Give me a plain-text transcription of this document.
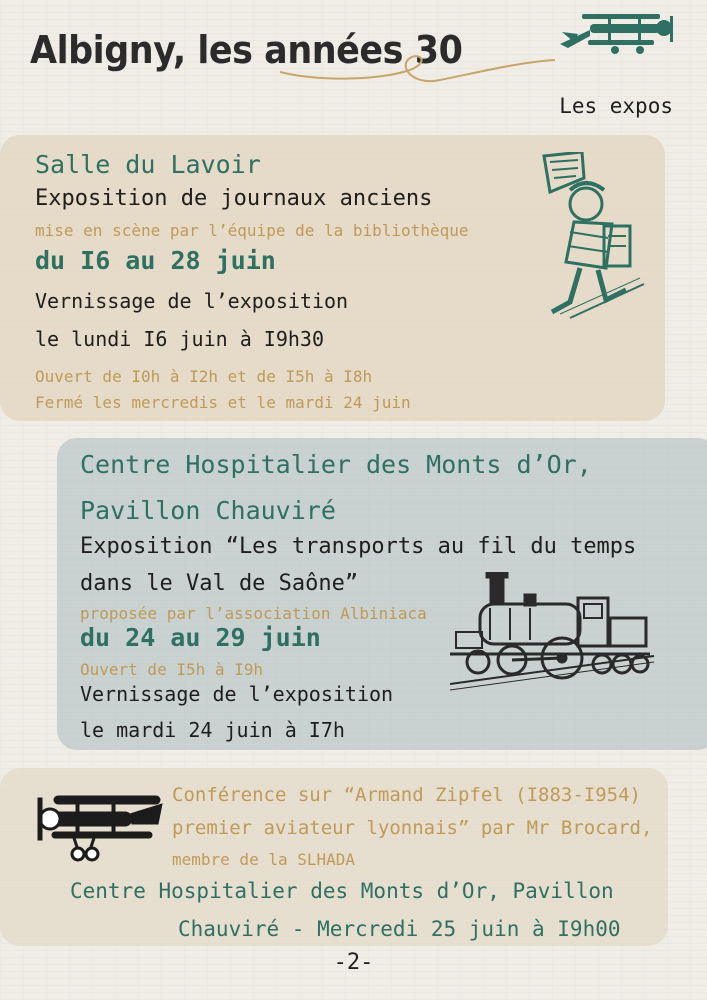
Albigny, les années 30
Les expos
Salle du Lavoir
Exposition de journaux anciens
mise en scène par l’équipe de la bibliothèque
du I6 au 28 juin
Vernissage de l’exposition
le lundi I6 juin à I9h30
Ouvert de I0h à I2h et de I5h à I8h
Fermé les mercredis et le mardi 24 juin
Centre Hospitalier des Monts d’Or,
Pavillon Chauviré
Exposition “Les transports au fil du temps
dans le Val de Saône”
proposée par l’association Albiniaca
du 24 au 29 juin
Ouvert de I5h à I9h
Vernissage de l’exposition
le mardi 24 juin à I7h
Conférence sur “Armand Zipfel (I883-I954)
premier aviateur lyonnais” par Mr Brocard,
membre de la SLHADA
Centre Hospitalier des Monts d’Or, Pavillon
Chauviré - Mercredi 25 juin à I9h00
-2-
